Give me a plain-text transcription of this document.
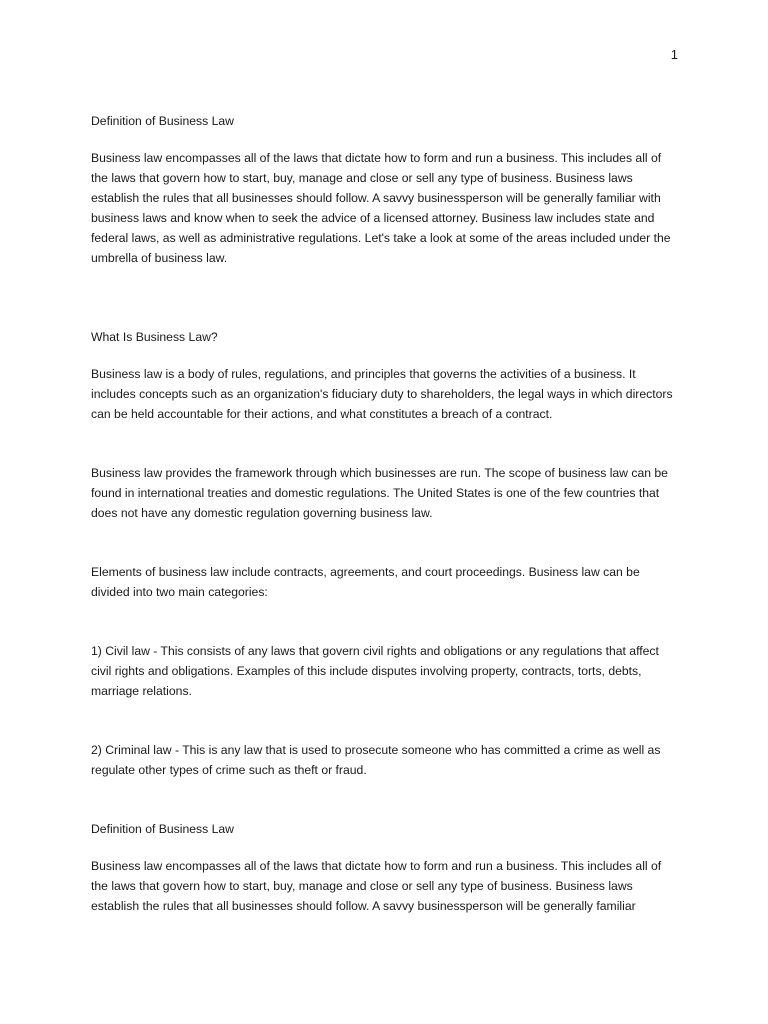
1

Definition of Business Law

Business law encompasses all of the laws that dictate how to form and run a business. This includes all of the laws that govern how to start, buy, manage and close or sell any type of business. Business laws establish the rules that all businesses should follow. A savvy businessperson will be generally familiar with business laws and know when to seek the advice of a licensed attorney. Business law includes state and federal laws, as well as administrative regulations. Let's take a look at some of the areas included under the umbrella of business law.

What Is Business Law?

Business law is a body of rules, regulations, and principles that governs the activities of a business. It includes concepts such as an organization's fiduciary duty to shareholders, the legal ways in which directors can be held accountable for their actions, and what constitutes a breach of a contract.

Business law provides the framework through which businesses are run. The scope of business law can be found in international treaties and domestic regulations. The United States is one of the few countries that does not have any domestic regulation governing business law.

Elements of business law include contracts, agreements, and court proceedings. Business law can be divided into two main categories:

1) Civil law - This consists of any laws that govern civil rights and obligations or any regulations that affect civil rights and obligations. Examples of this include disputes involving property, contracts, torts, debts, marriage relations.

2) Criminal law - This is any law that is used to prosecute someone who has committed a crime as well as regulate other types of crime such as theft or fraud.

Definition of Business Law

Business law encompasses all of the laws that dictate how to form and run a business. This includes all of the laws that govern how to start, buy, manage and close or sell any type of business. Business laws establish the rules that all businesses should follow. A savvy businessperson will be generally familiar
